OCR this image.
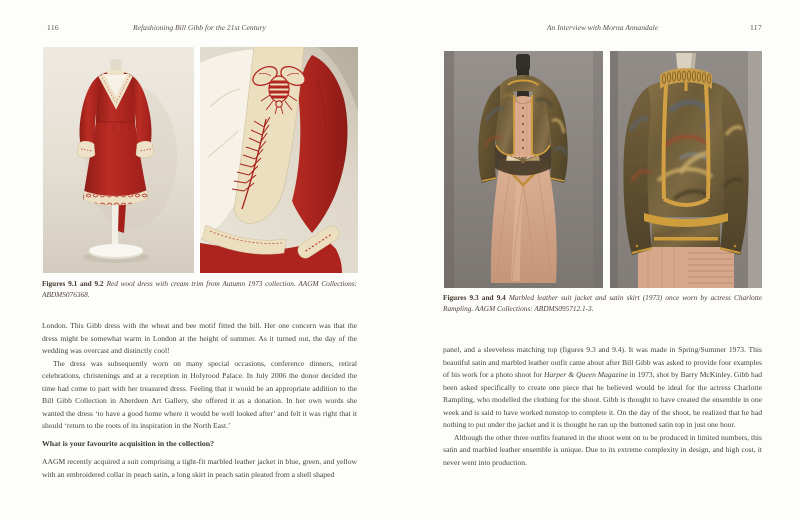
116	Refashioning Bill Gibb for the 21st Century

Figures 9.1 and 9.2 Red wool dress with cream trim from Autumn 1973 collection. AAGM Collections: ABDMS076368.

London. This Gibb dress with the wheat and bee motif fitted the bill. Her one concern was that the dress might be somewhat warm in London at the height of summer. As it turned out, the day of the wedding was overcast and distinctly cool!

The dress was subsequently worn on many special occasions, conference dinners, retiral celebrations, christenings and at a reception in Holyrood Palace. In July 2006 the donor decided the time had come to part with her treasured dress. Feeling that it would be an appropriate addition to the Bill Gibb Collection in Aberdeen Art Gallery, she offered it as a donation. In her own words she wanted the dress ‘to have a good home where it would be well looked after’ and felt it was right that it should ‘return to the roots of its inspiration in the North East.’

What is your favourite acquisition in the collection?

AAGM recently acquired a suit comprising a tight-fit marbled leather jacket in blue, green, and yellow with an embroidered collar in peach satin, a long skirt in peach satin pleated from a shell shaped

An Interview with Morna Annandale	117

Figures 9.3 and 9.4 Marbled leather suit jacket and satin skirt (1973) once worn by actress Charlotte Rampling. AAGM Collections: ABDMS095712.1-3.

panel, and a sleeveless matching top (figures 9.3 and 9.4). It was made in Spring/Summer 1973. This beautiful satin and marbled leather outfit came about after Bill Gibb was asked to provide four examples of his work for a photo shoot for Harper & Queen Magazine in 1973, shot by Barry McKinley. Gibb had been asked specifically to create one piece that he believed would be ideal for the actress Charlotte Rampling, who modelled the clothing for the shoot. Gibb is thought to have created the ensemble in one week and is said to have worked nonstop to complete it. On the day of the shoot, he realized that he had nothing to put under the jacket and it is thought he ran up the buttoned satin top in just one hour.

Although the other three outfits featured in the shoot went on to be produced in limited numbers, this satin and marbled leather ensemble is unique. Due to its extreme complexity in design, and high cost, it never went into production.
